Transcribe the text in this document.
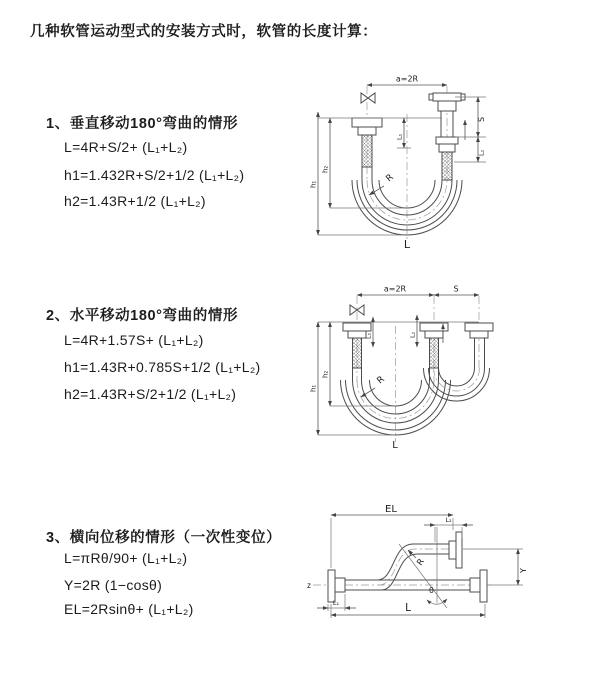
几种软管运动型式的安装方式时，软管的长度计算：
1、垂直移动180°弯曲的情形
L=4R+S/2+ (L₁+L₂)
h1=1.432R+S/2+1/2 (L₁+L₂)
h2=1.43R+1/2 (L₁+L₂)
2、水平移动180°弯曲的情形
L=4R+1.57S+ (L₁+L₂)
h1=1.43R+0.785S+1/2 (L₁+L₂)
h2=1.43R+S/2+1/2 (L₁+L₂)
3、横向位移的情形（一次性变位）
L=πRθ/90+ (L₁+L₂)
Y=2R (1−cosθ)
EL=2Rsinθ+ (L₁+L₂)
a=2R
h₁
h₂
L₁
S
L₂
R
L
a=2R	S
h₁
h₂
L₁	L₂
R
L
EL
L₂
Y
R
θ
z
L₁	L
